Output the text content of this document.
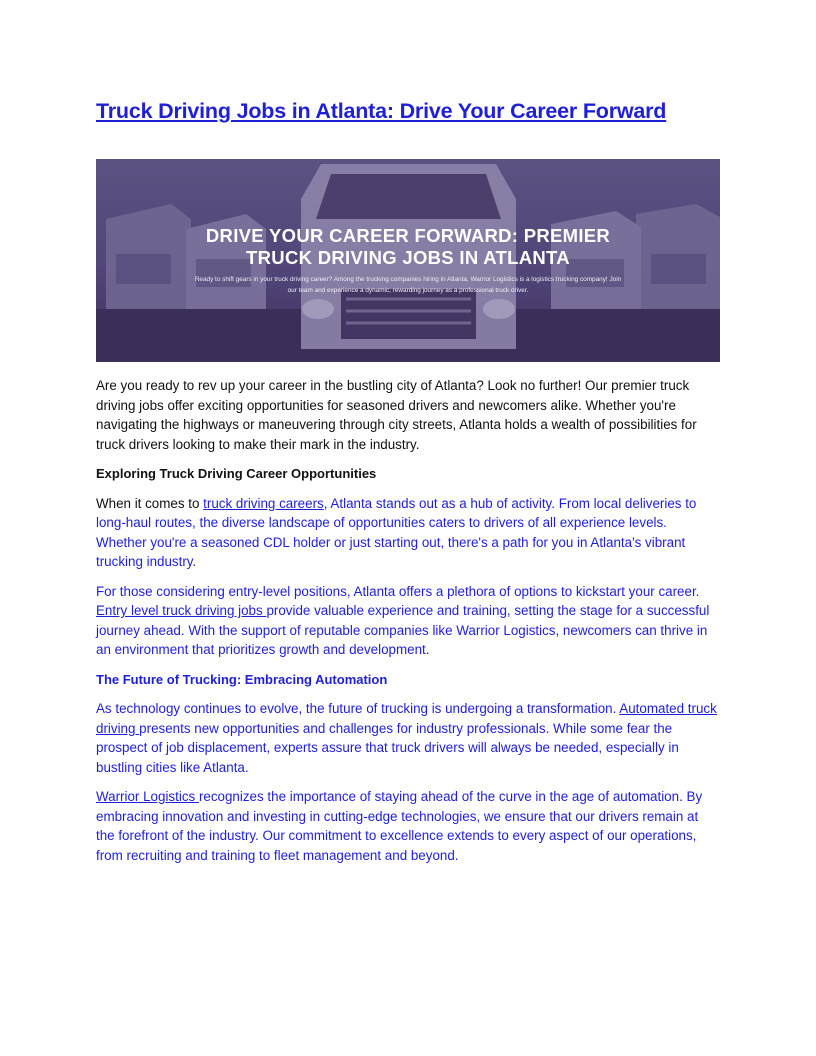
Truck Driving Jobs in Atlanta: Drive Your Career Forward

DRIVE YOUR CAREER FORWARD: PREMIER TRUCK DRIVING JOBS IN ATLANTA

Ready to shift gears in your truck driving career? Among the trucking companies hiring in Atlanta, Warrior Logistics is a logistics trucking company! Join our team and experience a dynamic, rewarding journey as a professional truck driver.

Are you ready to rev up your career in the bustling city of Atlanta? Look no further! Our premier truck driving jobs offer exciting opportunities for seasoned drivers and newcomers alike. Whether you're navigating the highways or maneuvering through city streets, Atlanta holds a wealth of possibilities for truck drivers looking to make their mark in the industry.

Exploring Truck Driving Career Opportunities

When it comes to truck driving careers, Atlanta stands out as a hub of activity. From local deliveries to long-haul routes, the diverse landscape of opportunities caters to drivers of all experience levels. Whether you're a seasoned CDL holder or just starting out, there's a path for you in Atlanta's vibrant trucking industry.

For those considering entry-level positions, Atlanta offers a plethora of options to kickstart your career. Entry level truck driving jobs provide valuable experience and training, setting the stage for a successful journey ahead. With the support of reputable companies like Warrior Logistics, newcomers can thrive in an environment that prioritizes growth and development.

The Future of Trucking: Embracing Automation

As technology continues to evolve, the future of trucking is undergoing a transformation. Automated truck driving presents new opportunities and challenges for industry professionals. While some fear the prospect of job displacement, experts assure that truck drivers will always be needed, especially in bustling cities like Atlanta.

Warrior Logistics recognizes the importance of staying ahead of the curve in the age of automation. By embracing innovation and investing in cutting-edge technologies, we ensure that our drivers remain at the forefront of the industry. Our commitment to excellence extends to every aspect of our operations, from recruiting and training to fleet management and beyond.
